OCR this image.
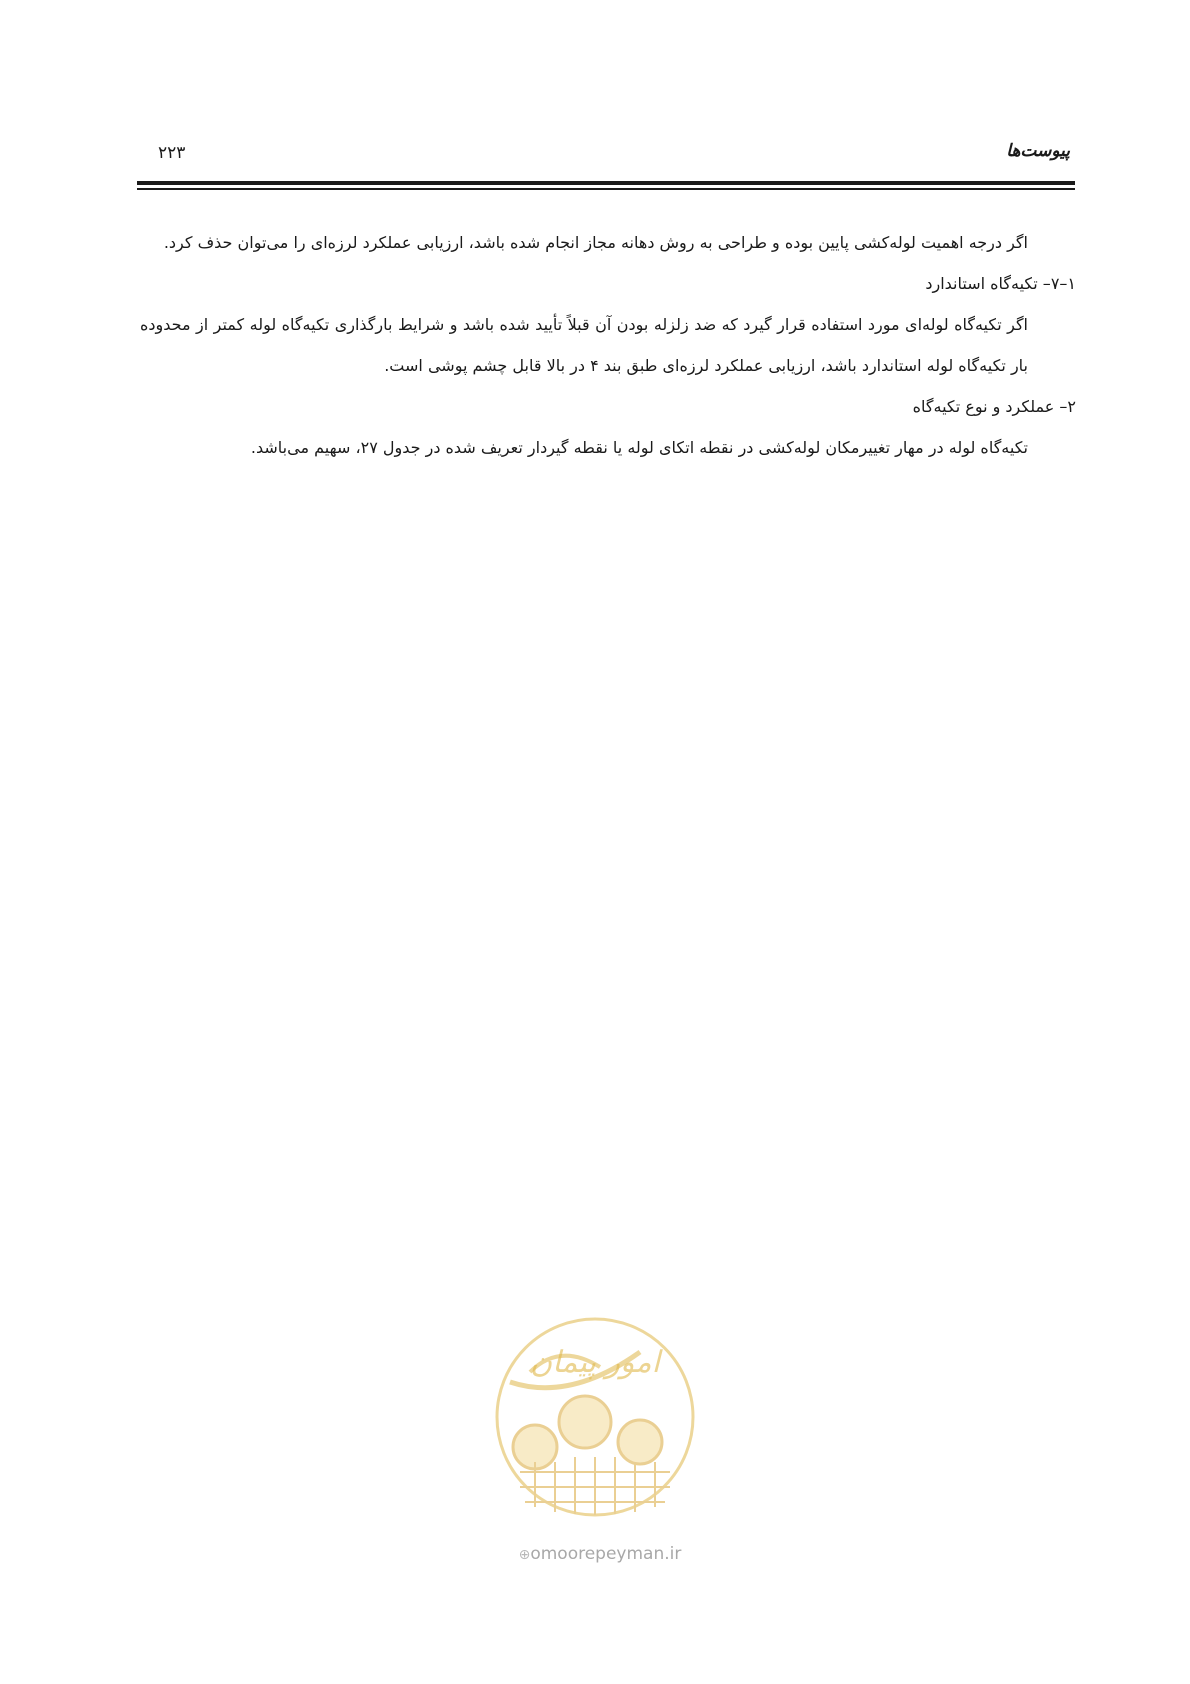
۲۲۳	پیوست‌ها

اگر درجه اهمیت لوله‌کشی پایین بوده و طراحی به روش دهانه مجاز انجام شده باشد، ارزیابی عملکرد لرزه‌ای را می‌توان حذف کرد.

۱–۷– تکیه‌گاه استاندارد

اگر تکیه‌گاه لوله‌ای مورد استفاده قرار گیرد که ضد زلزله بودن آن قبلاً تأیید شده باشد و شرایط بارگذاری تکیه‌گاه لوله کمتر از محدوده بار تکیه‌گاه لوله استاندارد باشد، ارزیابی عملکرد لرزه‌ای طبق بند ۴ در بالا قابل چشم پوشی است.

۲– عملکرد و نوع تکیه‌گاه

تکیه‌گاه لوله در مهار تغییرمکان لوله‌کشی در نقطه اتکای لوله یا نقطه گیردار تعریف شده در جدول ۲۷، سهیم می‌باشد.

امور پیمان
⊕omoorepeyman.ir
